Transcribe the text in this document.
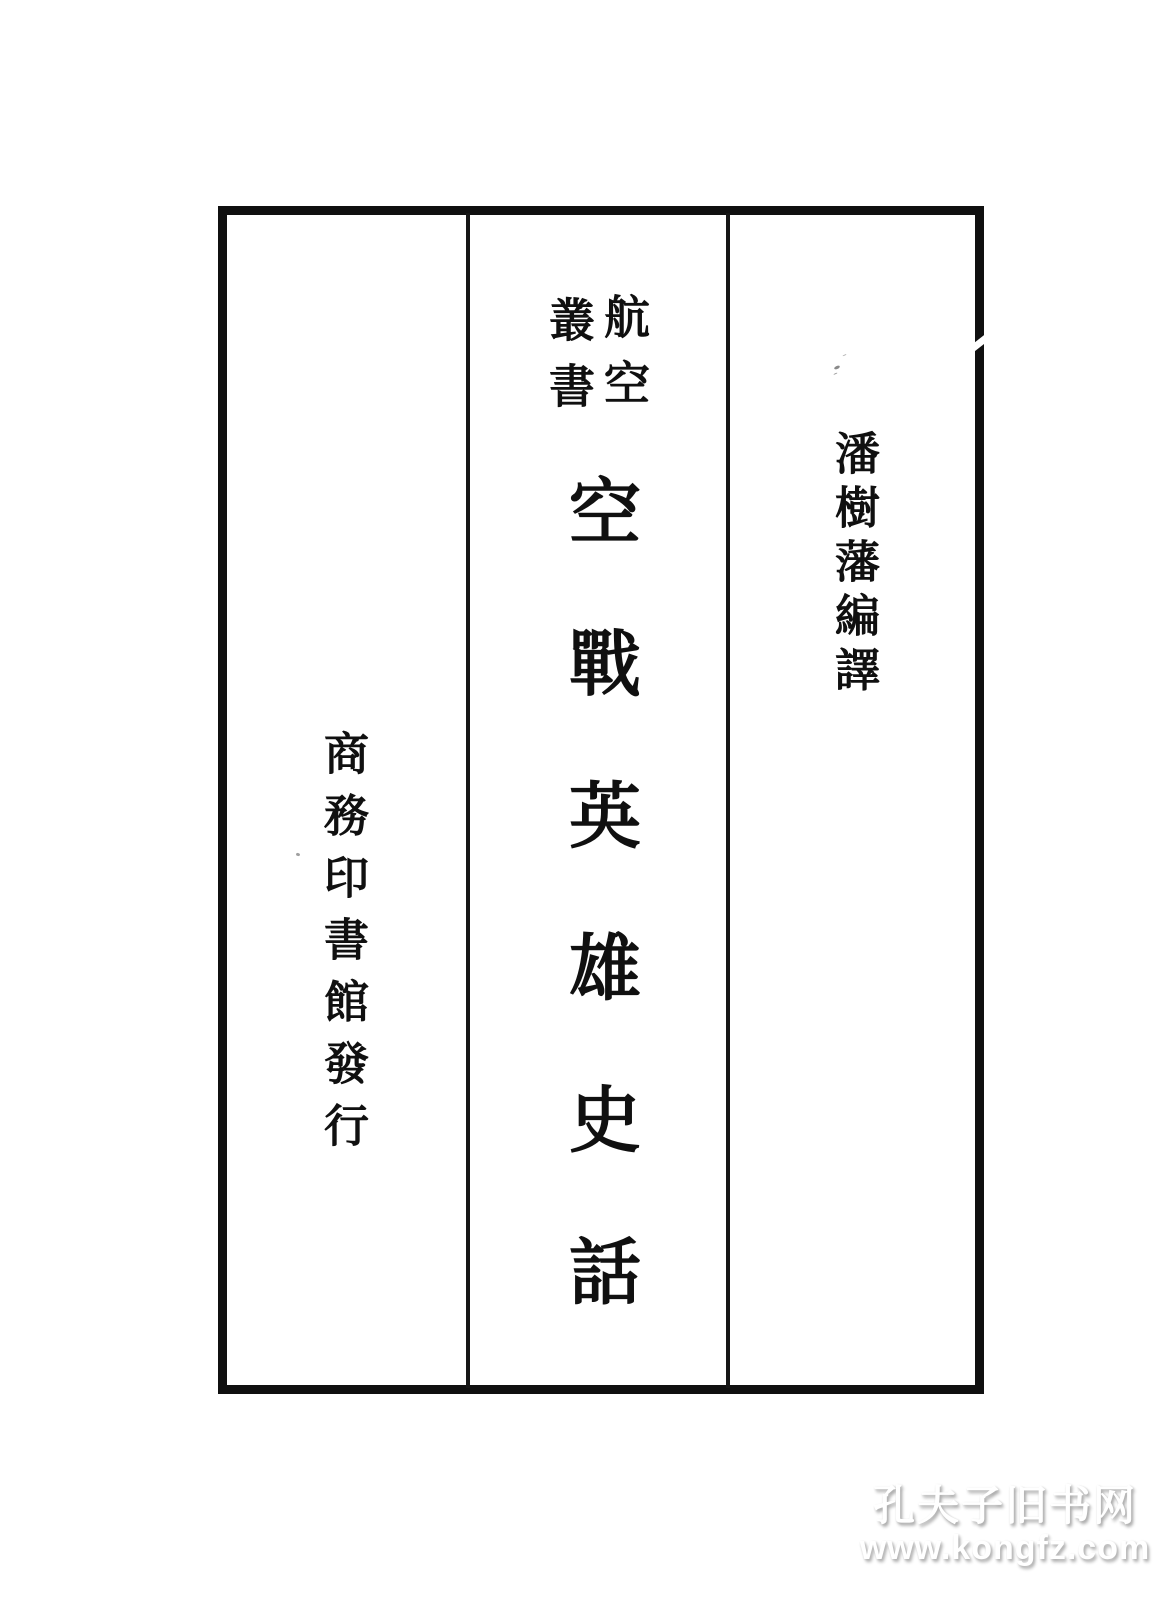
航空
叢書
空戰英雄史話	潘樹藩編譯
商務印書館發行
孔夫子旧书网
www.kongfz.com
